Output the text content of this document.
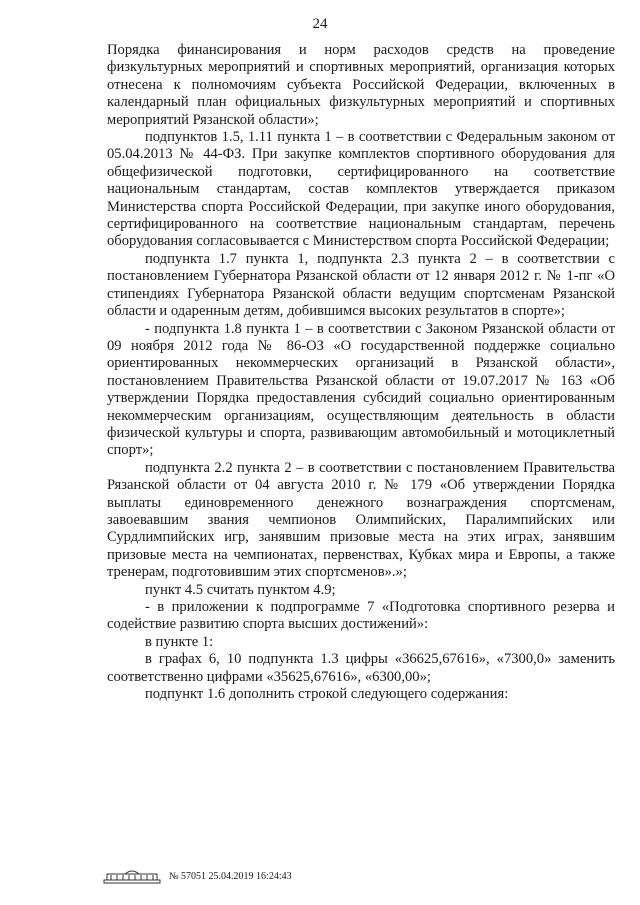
24

Порядка финансирования и норм расходов средств на проведение физкультурных мероприятий и спортивных мероприятий, организация которых отнесена к полномочиям субъекта Российской Федерации, включенных в календарный план официальных физкультурных мероприятий и спортивных мероприятий Рязанской области»;

подпунктов 1.5, 1.11 пункта 1 – в соответствии с Федеральным законом от 05.04.2013 № 44-ФЗ. При закупке комплектов спортивного оборудования для общефизической подготовки, сертифицированного на соответствие национальным стандартам, состав комплектов утверждается приказом Министерства спорта Российской Федерации, при закупке иного оборудования, сертифицированного на соответствие национальным стандартам, перечень оборудования согласовывается с Министерством спорта Российской Федерации;

подпункта 1.7 пункта 1, подпункта 2.3 пункта 2 – в соответствии с постановлением Губернатора Рязанской области от 12 января 2012 г. № 1-пг «О стипендиях Губернатора Рязанской области ведущим спортсменам Рязанской области и одаренным детям, добившимся высоких результатов в спорте»;

- подпункта 1.8 пункта 1 – в соответствии с Законом Рязанской области от 09 ноября 2012 года № 86-ОЗ «О государственной поддержке социально ориентированных некоммерческих организаций в Рязанской области», постановлением Правительства Рязанской области от 19.07.2017 № 163 «Об утверждении Порядка предоставления субсидий социально ориентированным некоммерческим организациям, осуществляющим деятельность в области физической культуры и спорта, развивающим автомобильный и мотоциклетный спорт»;

подпункта 2.2 пункта 2 – в соответствии с постановлением Правительства Рязанской области от 04 августа 2010 г. № 179 «Об утверждении Порядка выплаты единовременного денежного вознаграждения спортсменам, завоевавшим звания чемпионов Олимпийских, Паралимпийских или Сурдлимпийских игр, занявшим призовые места на этих играх, занявшим призовые места на чемпионатах, первенствах, Кубках мира и Европы, а также тренерам, подготовившим этих спортсменов».»;

пункт 4.5 считать пунктом 4.9;

- в приложении к подпрограмме 7 «Подготовка спортивного резерва и содействие развитию спорта высших достижений»:

в пункте 1:

в графах 6, 10 подпункта 1.3 цифры «36625,67616», «7300,0» заменить соответственно цифрами «35625,67616», «6300,00»;

подпункт 1.6 дополнить строкой следующего содержания:

№ 57051 25.04.2019 16:24:43
